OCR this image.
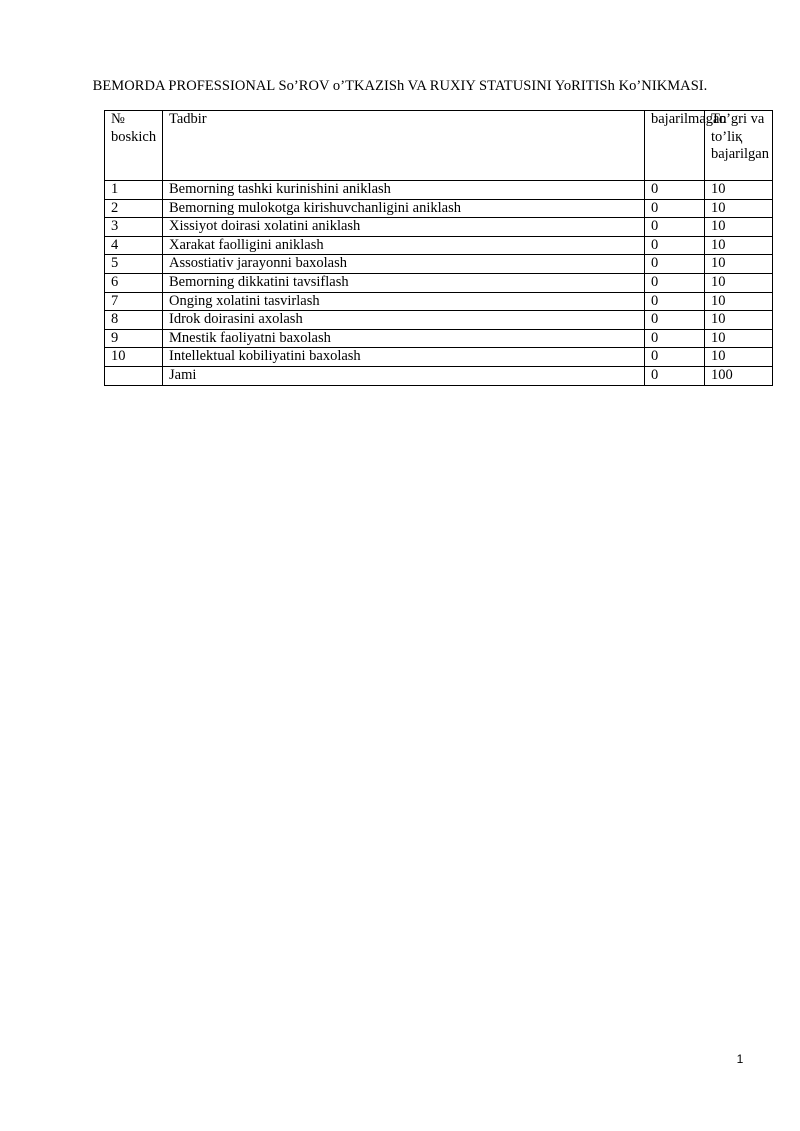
BEMORDA PROFESSIONAL So’ROV o’TKAZISh VA RUXIY STATUSINI YoRITISh Ko’NIKMASI.
№ boskich	Tadbir	bajarilmagan	To’gri va to’liқ bajarilgan
1	Bemorning tashki kurinishini aniklash	0	10
2	Bemorning mulokotga kirishuvchanligini aniklash	0	10
3	Xissiyot doirasi xolatini aniklash	0	10
4	Xarakat faolligini aniklash	0	10
5	Assostiativ jarayonni baxolash	0	10
6	Bemorning dikkatini tavsiflash	0	10
7	Onging xolatini tasvirlash	0	10
8	Idrok doirasini axolash	0	10
9	Mnestik faoliyatni baxolash	0	10
10	Intellektual kobiliyatini baxolash	0	10
	Jami	0	100
1
